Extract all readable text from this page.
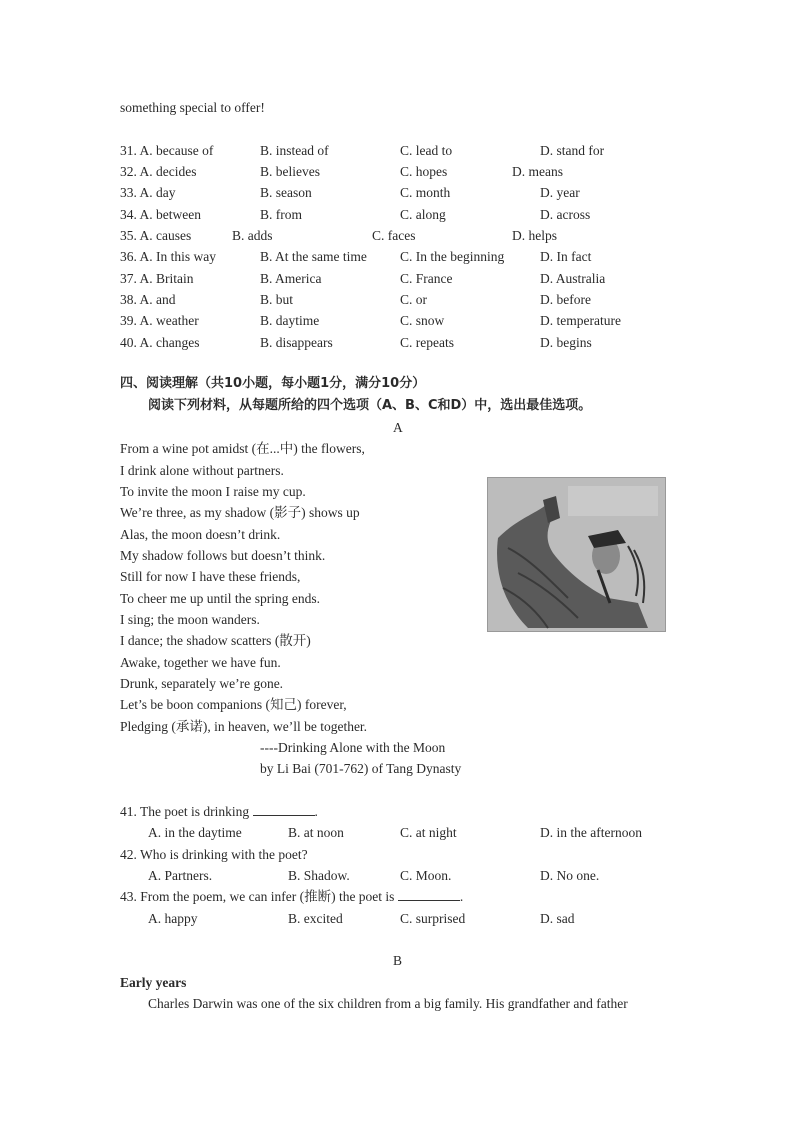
something special to offer!
31. A. because of	B. instead of	C. lead to	D. stand for
32. A. decides	B. believes	C. hopes	D. means
33. A. day	B. season	C. month	D. year
34. A. between	B. from	C. along	D. across
35. A. causes	B. adds	C. faces	D. helps
36. A. In this way	B. At the same time C. In the beginning	D. In fact
37. A. Britain	B. America	C. France	D. Australia
38. A. and	B. but	C. or	D. before
39. A. weather	B. daytime	C. snow	D. temperature
40. A. changes	B. disappears	C. repeats	D. begins
四、阅读理解（共10小题，每小题1分，满分10分）
阅读下列材料，从每题所给的四个选项（A、B、C和D）中，选出最佳选项。
A
From a wine pot amidst (在...中) the flowers,
I drink alone without partners.
To invite the moon I raise my cup.
We’re three, as my shadow (影子) shows up
Alas, the moon doesn’t drink.
My shadow follows but doesn’t think.
Still for now I have these friends,
To cheer me up until the spring ends.
I sing; the moon wanders.
I dance; the shadow scatters (散开)
Awake, together we have fun.
Drunk, separately we’re gone.
Let’s be boon companions (知己) forever,
Pledging (承诺), in heaven, we’ll be together.
----Drinking Alone with the Moon
by Li Bai (701-762) of Tang Dynasty
41. The poet is drinking	.
A. in the daytime	B. at noon	C. at night	D. in the afternoon
42. Who is drinking with the poet?
A. Partners.	B. Shadow.	C. Moon.	D. No one.
43. From the poem, we can infer (推断) the poet is	.
A. happy	B. excited	C. surprised	D. sad
B
Early years
Charles Darwin was one of the six children from a big family. His grandfather and father
